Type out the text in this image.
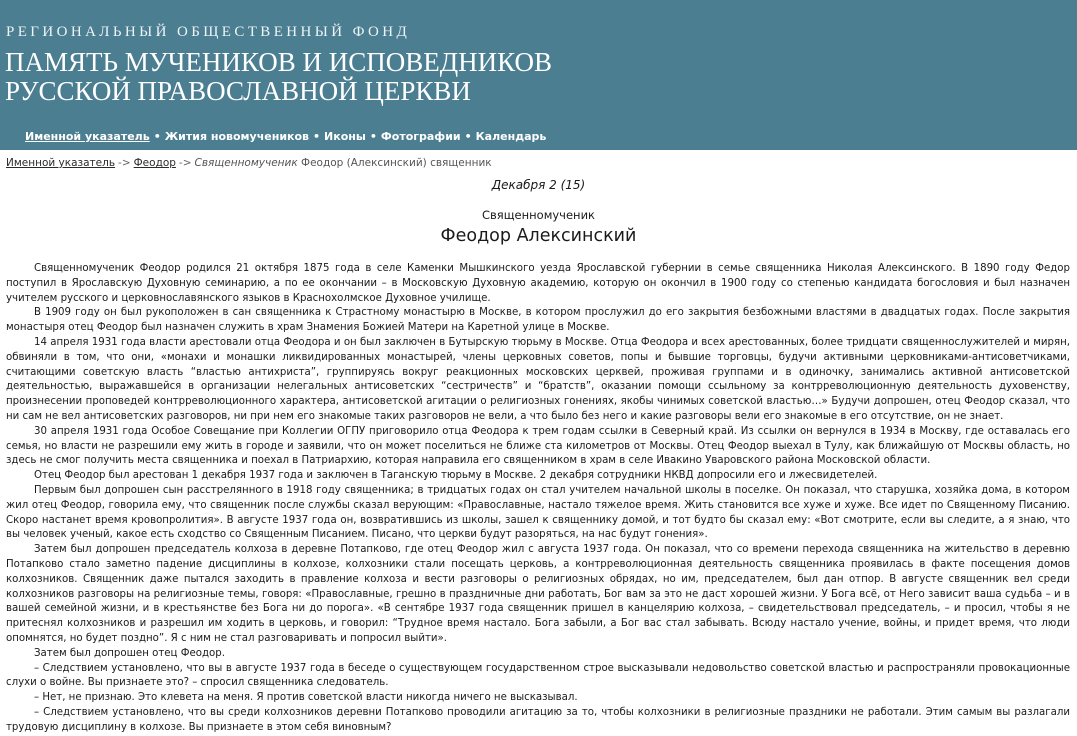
РЕГИОНАЛЬНЫЙ ОБЩЕСТВЕННЫЙ ФОНД
ПАМЯТЬ МУЧЕНИКОВ И ИСПОВЕДНИКОВ
РУССКОЙ ПРАВОСЛАВНОЙ ЦЕРКВИ
Именной указатель • Жития новомучеников • Иконы • Фотографии • Календарь
Именной указатель -> Феодор -> Священномученик Феодор (Алексинский) священник
Декабря 2 (15)
Священномученик
Феодор Алексинский

Священномученик Феодор родился 21 октября 1875 года в селе Каменки Мышкинского уезда Ярославской губернии в семье священника Николая Алексинского. В 1890 году Федор поступил в Ярославскую Духовную семинарию, а по ее окончании – в Московскую Духовную академию, которую он окончил в 1900 году со степенью кандидата богословия и был назначен учителем русского и церковнославянского языков в Краснохолмское Духовное училище.

В 1909 году он был рукоположен в сан священника к Страстному монастырю в Москве, в котором прослужил до его закрытия безбожными властями в двадцатых годах. После закрытия монастыря отец Феодор был назначен служить в храм Знамения Божией Матери на Каретной улице в Москве.

14 апреля 1931 года власти арестовали отца Феодора и он был заключен в Бутырскую тюрьму в Москве. Отца Феодора и всех арестованных, более тридцати священнослужителей и мирян, обвиняли в том, что они, «монахи и монашки ликвидированных монастырей, члены церковных советов, попы и бывшие торговцы, будучи активными церковниками-антисоветчиками, считающими советскую власть “властью антихриста”, группируясь вокруг реакционных московских церквей, проживая группами и в одиночку, занимались активной антисоветской деятельностью, выражавшейся в организации нелегальных антисоветских “сестричеств” и “братств”, оказании помощи ссыльному за контрреволюционную деятельность духовенству, произнесении проповедей контрреволюционного характера, антисоветской агитации о религиозных гонениях, якобы чинимых советской властью…» Будучи допрошен, отец Феодор сказал, что ни сам не вел антисоветских разговоров, ни при нем его знакомые таких разговоров не вели, а что было без него и какие разговоры вели его знакомые в его отсутствие, он не знает.

30 апреля 1931 года Особое Совещание при Коллегии ОГПУ приговорило отца Феодора к трем годам ссылки в Северный край. Из ссылки он вернулся в 1934 в Москву, где оставалась его семья, но власти не разрешили ему жить в городе и заявили, что он может поселиться не ближе ста километров от Москвы. Отец Феодор выехал в Тулу, как ближайшую от Москвы область, но здесь не смог получить места священника и поехал в Патриархию, которая направила его священником в храм в селе Ивакино Уваровского района Московской области.

Отец Феодор был арестован 1 декабря 1937 года и заключен в Таганскую тюрьму в Москве. 2 декабря сотрудники НКВД допросили его и лжесвидетелей.

Первым был допрошен сын расстрелянного в 1918 году священника; в тридцатых годах он стал учителем начальной школы в поселке. Он показал, что старушка, хозяйка дома, в котором жил отец Феодор, говорила ему, что священник после службы сказал верующим: «Православные, настало тяжелое время. Жить становится все хуже и хуже. Все идет по Священному Писанию. Скоро настанет время кровопролития». В августе 1937 года он, возвратившись из школы, зашел к священнику домой, и тот будто бы сказал ему: «Вот смотрите, если вы следите, а я знаю, что вы человек ученый, какое есть сходство со Священным Писанием. Писано, что церкви будут разоряться, на нас будут гонения».

Затем был допрошен председатель колхоза в деревне Потапково, где отец Феодор жил с августа 1937 года. Он показал, что со времени перехода священника на жительство в деревню Потапково стало заметно падение дисциплины в колхозе, колхозники стали посещать церковь, а контрреволюционная деятельность священника проявилась в факте посещения домов колхозников. Священник даже пытался заходить в правление колхоза и вести разговоры о религиозных обрядах, но им, председателем, был дан отпор. В августе священник вел среди колхозников разговоры на религиозные темы, говоря: «Православные, грешно в праздничные дни работать, Бог вам за это не даст хорошей жизни. У Бога всё, от Него зависит ваша судьба – и в вашей семейной жизни, и в крестьянстве без Бога ни до порога». «В сентябре 1937 года священник пришел в канцелярию колхоза, – свидетельствовал председатель, – и просил, чтобы я не притеснял колхозников и разрешил им ходить в церковь, и говорил: “Трудное время настало. Бога забыли, а Бог вас стал забывать. Всюду настало учение, войны, и придет время, что люди опомнятся, но будет поздно”. Я с ним не стал разговаривать и попросил выйти».

Затем был допрошен отец Феодор.

– Следствием установлено, что вы в августе 1937 года в беседе о существующем государственном строе высказывали недовольство советской властью и распространяли провокационные слухи о войне. Вы признаете это? – спросил священника следователь.

– Нет, не признаю. Это клевета на меня. Я против советской власти никогда ничего не высказывал.

– Следствием установлено, что вы среди колхозников деревни Потапково проводили агитацию за то, чтобы колхозники в религиозные праздники не работали. Этим самым вы разлагали трудовую дисциплину в колхозе. Вы признаете в этом себя виновным?
